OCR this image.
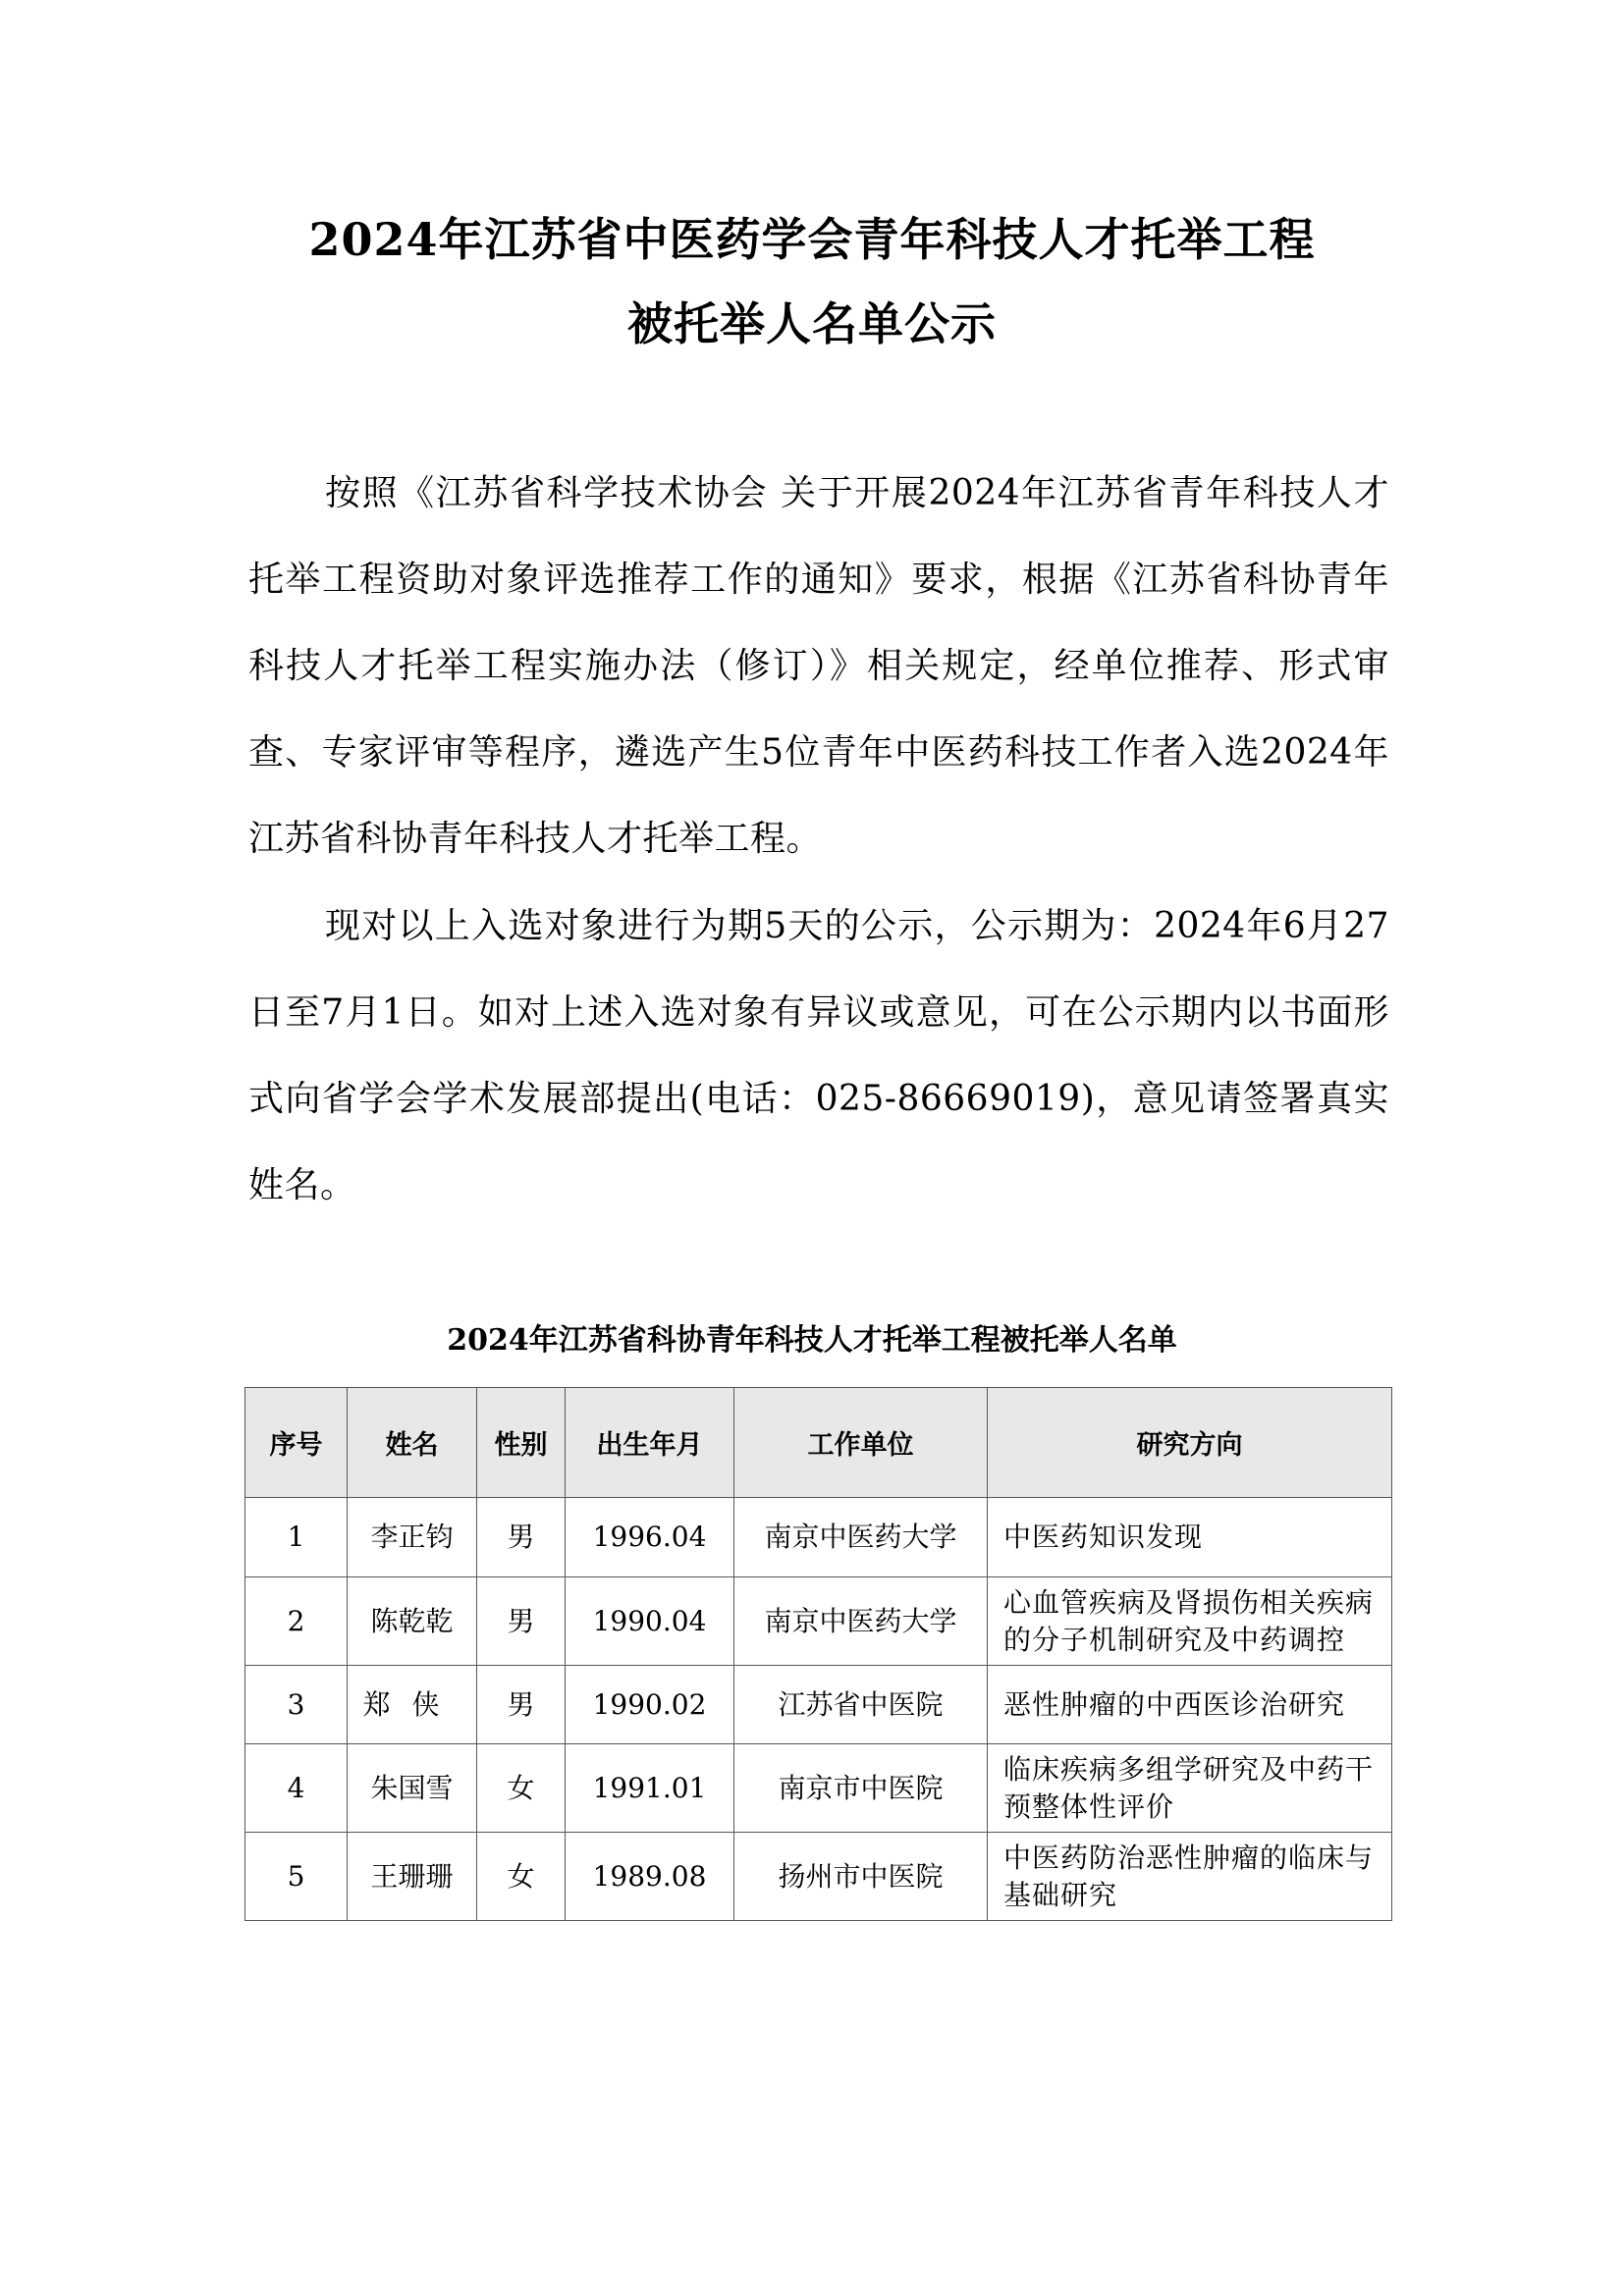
2024年江苏省中医药学会青年科技人才托举工程
被托举人名单公示

按照《江苏省科学技术协会 关于开展2024年江苏省青年科技人才托举工程资助对象评选推荐工作的通知》要求，根据《江苏省科协青年科技人才托举工程实施办法（修订）》相关规定，经单位推荐、形式审查、专家评审等程序，遴选产生5位青年中医药科技工作者入选2024年江苏省科协青年科技人才托举工程。

现对以上入选对象进行为期5天的公示，公示期为：2024年6月27日至7月1日。如对上述入选对象有异议或意见，可在公示期内以书面形式向省学会学术发展部提出(电话：025-86669019)，意见请签署真实姓名。

2024年江苏省科协青年科技人才托举工程被托举人名单
序号	姓名	性别	出生年月	工作单位	研究方向
1	李正钧	男	1996.04	南京中医药大学	中医药知识发现
2	陈乾乾	男	1990.04	南京中医药大学	心血管疾病及肾损伤相关疾病的分子机制研究及中药调控
3	郑侠	男	1990.02	江苏省中医院	恶性肿瘤的中西医诊治研究
4	朱国雪	女	1991.01	南京市中医院	临床疾病多组学研究及中药干预整体性评价
5	王珊珊	女	1989.08	扬州市中医院	中医药防治恶性肿瘤的临床与基础研究
